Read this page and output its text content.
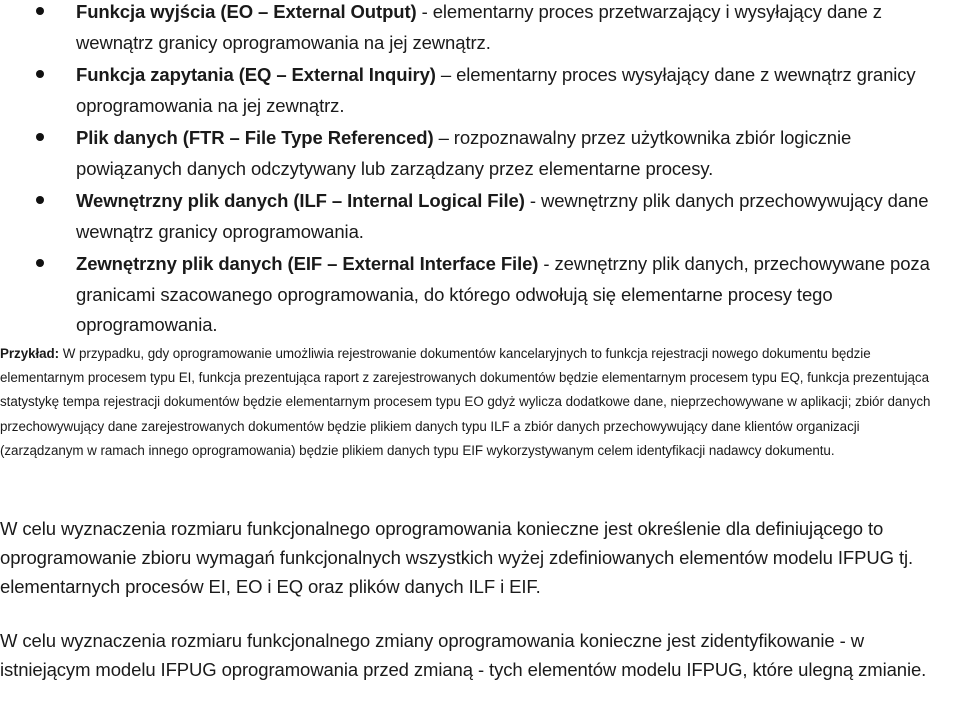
Funkcja wyjścia (EO – External Output) - elementarny proces przetwarzający i wysyłający dane z wewnątrz granicy oprogramowania na jej zewnątrz.
Funkcja zapytania (EQ – External Inquiry) – elementarny proces wysyłający dane z wewnątrz granicy oprogramowania na jej zewnątrz.
Plik danych (FTR – File Type Referenced) – rozpoznawalny przez użytkownika zbiór logicznie powiązanych danych odczytywany lub zarządzany przez elementarne procesy.
Wewnętrzny plik danych (ILF – Internal Logical File) - wewnętrzny plik danych przechowywujący dane wewnątrz granicy oprogramowania.
Zewnętrzny plik danych (EIF – External Interface File) - zewnętrzny plik danych, przechowywane poza granicami szacowanego oprogramowania, do którego odwołują się elementarne procesy tego oprogramowania.
Przykład: W przypadku, gdy oprogramowanie umożliwia rejestrowanie dokumentów kancelaryjnych to funkcja rejestracji nowego dokumentu będzie elementarnym procesem typu EI, funkcja prezentująca raport z zarejestrowanych dokumentów będzie elementarnym procesem typu EQ, funkcja prezentująca statystykę tempa rejestracji dokumentów będzie elementarnym procesem typu EO gdyż wylicza dodatkowe dane, nieprzechowywane w aplikacji; zbiór danych przechowywujący dane zarejestrowanych dokumentów będzie plikiem danych typu ILF a zbiór danych przechowywujący dane klientów organizacji (zarządzanym w ramach innego oprogramowania) będzie plikiem danych typu EIF wykorzystywanym celem identyfikacji nadawcy dokumentu.
W celu wyznaczenia rozmiaru funkcjonalnego oprogramowania konieczne jest określenie dla definiującego to oprogramowanie zbioru wymagań funkcjonalnych wszystkich wyżej zdefiniowanych elementów modelu IFPUG tj. elementarnych procesów EI, EO i EQ oraz plików danych ILF i EIF.
W celu wyznaczenia rozmiaru funkcjonalnego zmiany oprogramowania konieczne jest zidentyfikowanie - w istniejącym modelu IFPUG oprogramowania przed zmianą - tych elementów modelu IFPUG, które ulegną zmianie.
